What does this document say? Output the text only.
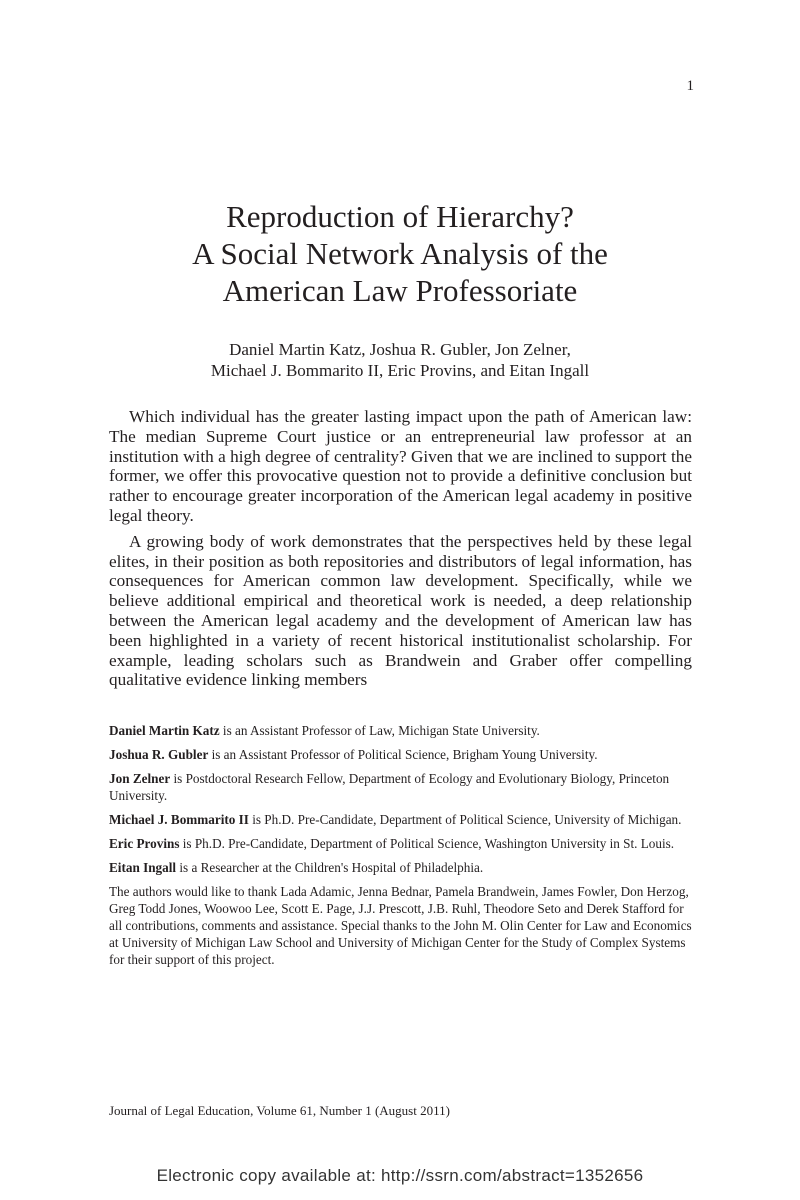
1
Reproduction of Hierarchy?
A Social Network Analysis of the
American Law Professoriate
Daniel Martin Katz, Joshua R. Gubler, Jon Zelner,
Michael J. Bommarito II, Eric Provins, and Eitan Ingall

Which individual has the greater lasting impact upon the path of American law: The median Supreme Court justice or an entrepreneurial law professor at an institution with a high degree of centrality? Given that we are inclined to support the former, we offer this provocative question not to provide a definitive conclusion but rather to encourage greater incorporation of the American legal academy in positive legal theory.

A growing body of work demonstrates that the perspectives held by these legal elites, in their position as both repositories and distributors of legal information, has consequences for American common law development. Specifically, while we believe additional empirical and theoretical work is needed, a deep relationship between the American legal academy and the development of American law has been highlighted in a variety of recent historical institutionalist scholarship. For example, leading scholars such as Brandwein and Graber offer compelling qualitative evidence linking members

Daniel Martin Katz is an Assistant Professor of Law, Michigan State University.

Joshua R. Gubler is an Assistant Professor of Political Science, Brigham Young University.

Jon Zelner is Postdoctoral Research Fellow, Department of Ecology and Evolutionary Biology, Princeton University.

Michael J. Bommarito II is Ph.D. Pre-Candidate, Department of Political Science, University of Michigan.

Eric Provins is Ph.D. Pre-Candidate, Department of Political Science, Washington University in St. Louis.

Eitan Ingall is a Researcher at the Children's Hospital of Philadelphia.

The authors would like to thank Lada Adamic, Jenna Bednar, Pamela Brandwein, James Fowler, Don Herzog, Greg Todd Jones, Woowoo Lee, Scott E. Page, J.J. Prescott, J.B. Ruhl, Theodore Seto and Derek Stafford for all contributions, comments and assistance. Special thanks to the John M. Olin Center for Law and Economics at University of Michigan Law School and University of Michigan Center for the Study of Complex Systems for their support of this project.

Journal of Legal Education, Volume 61, Number 1 (August 2011)
Electronic copy available at: http://ssrn.com/abstract=1352656
